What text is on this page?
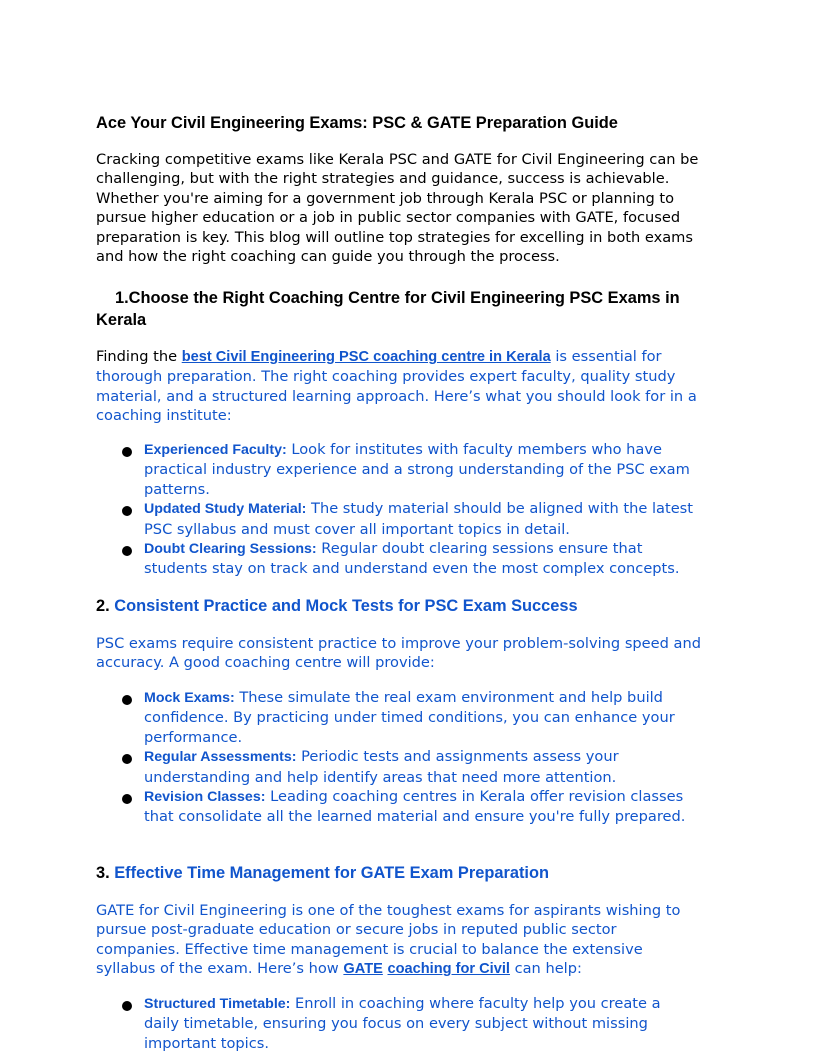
Ace Your Civil Engineering Exams: PSC & GATE Preparation Guide
Cracking competitive exams like Kerala PSC and GATE for Civil Engineering can be challenging, but with the right strategies and guidance, success is achievable. Whether you're aiming for a government job through Kerala PSC or planning to pursue higher education or a job in public sector companies with GATE, focused preparation is key. This blog will outline top strategies for excelling in both exams and how the right coaching can guide you through the process.
1.Choose the Right Coaching Centre for Civil Engineering PSC Exams in Kerala
Finding the best Civil Engineering PSC coaching centre in Kerala is essential for thorough preparation. The right coaching provides expert faculty, quality study material, and a structured learning approach. Here’s what you should look for in a coaching institute:
Experienced Faculty: Look for institutes with faculty members who have practical industry experience and a strong understanding of the PSC exam patterns.
Updated Study Material: The study material should be aligned with the latest PSC syllabus and must cover all important topics in detail.
Doubt Clearing Sessions: Regular doubt clearing sessions ensure that students stay on track and understand even the most complex concepts.
2. Consistent Practice and Mock Tests for PSC Exam Success
PSC exams require consistent practice to improve your problem-solving speed and accuracy. A good coaching centre will provide:
Mock Exams: These simulate the real exam environment and help build confidence. By practicing under timed conditions, you can enhance your performance.
Regular Assessments: Periodic tests and assignments assess your understanding and help identify areas that need more attention.
Revision Classes: Leading coaching centres in Kerala offer revision classes that consolidate all the learned material and ensure you're fully prepared.
3. Effective Time Management for GATE Exam Preparation
GATE for Civil Engineering is one of the toughest exams for aspirants wishing to pursue post-graduate education or secure jobs in reputed public sector companies. Effective time management is crucial to balance the extensive syllabus of the exam. Here’s how GATE coaching for Civil can help:
Structured Timetable: Enroll in coaching where faculty help you create a daily timetable, ensuring you focus on every subject without missing important topics.
